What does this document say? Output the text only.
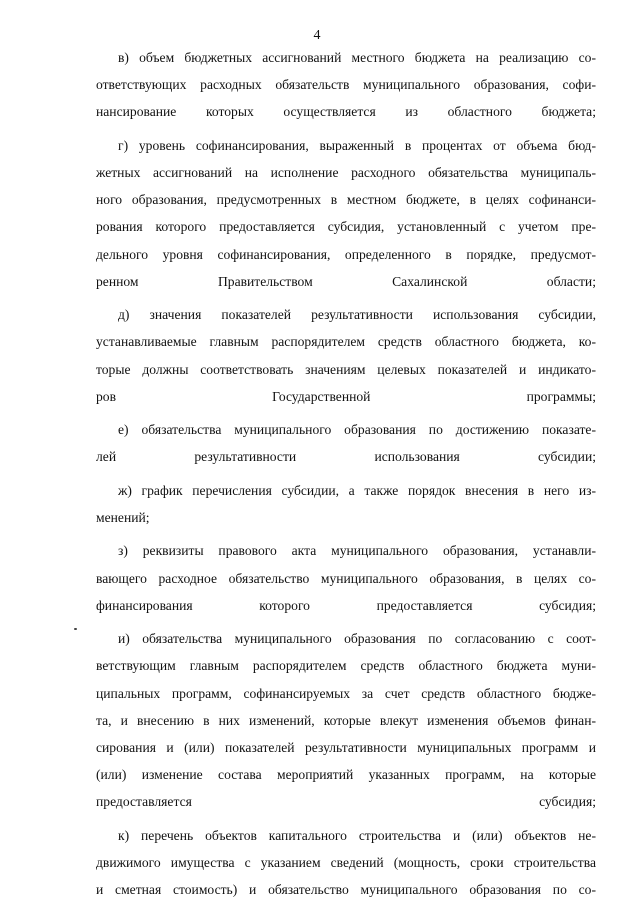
4

в) объем бюджетных ассигнований местного бюджета на реализацию со-
ответствующих расходных обязательств муниципального образования, софи-
нансирование которых осуществляется из областного бюджета;

г) уровень софинансирования, выраженный в процентах от объема бюд-
жетных ассигнований на исполнение расходного обязательства муниципаль-
ного образования, предусмотренных в местном бюджете, в целях софинанси-
рования которого предоставляется субсидия, установленный с учетом пре-
дельного уровня софинансирования, определенного в порядке, предусмот-
ренном Правительством Сахалинской области;

д) значения показателей результативности использования субсидии,
устанавливаемые главным распорядителем средств областного бюджета, ко-
торые должны соответствовать значениям целевых показателей и индикато-
ров Государственной программы;

е) обязательства муниципального образования по достижению показате-
лей результативности использования субсидии;

ж) график перечисления субсидии, а также порядок внесения в него из-
менений;

з) реквизиты правового акта муниципального образования, устанавли-
вающего расходное обязательство муниципального образования, в целях со-
финансирования которого предоставляется субсидия;

и) обязательства муниципального образования по согласованию с соот-
ветствующим главным распорядителем средств областного бюджета муни-
ципальных программ, софинансируемых за счет средств областного бюдже-
та, и внесению в них изменений, которые влекут изменения объемов финан-
сирования и (или) показателей результативности муниципальных программ и
(или) изменение состава мероприятий указанных программ, на которые
предоставляется субсидия;

к) перечень объектов капитального строительства и (или) объектов не-
движимого имущества с указанием сведений (мощность, сроки строительства
и сметная стоимость) и обязательство муниципального образования по со-
